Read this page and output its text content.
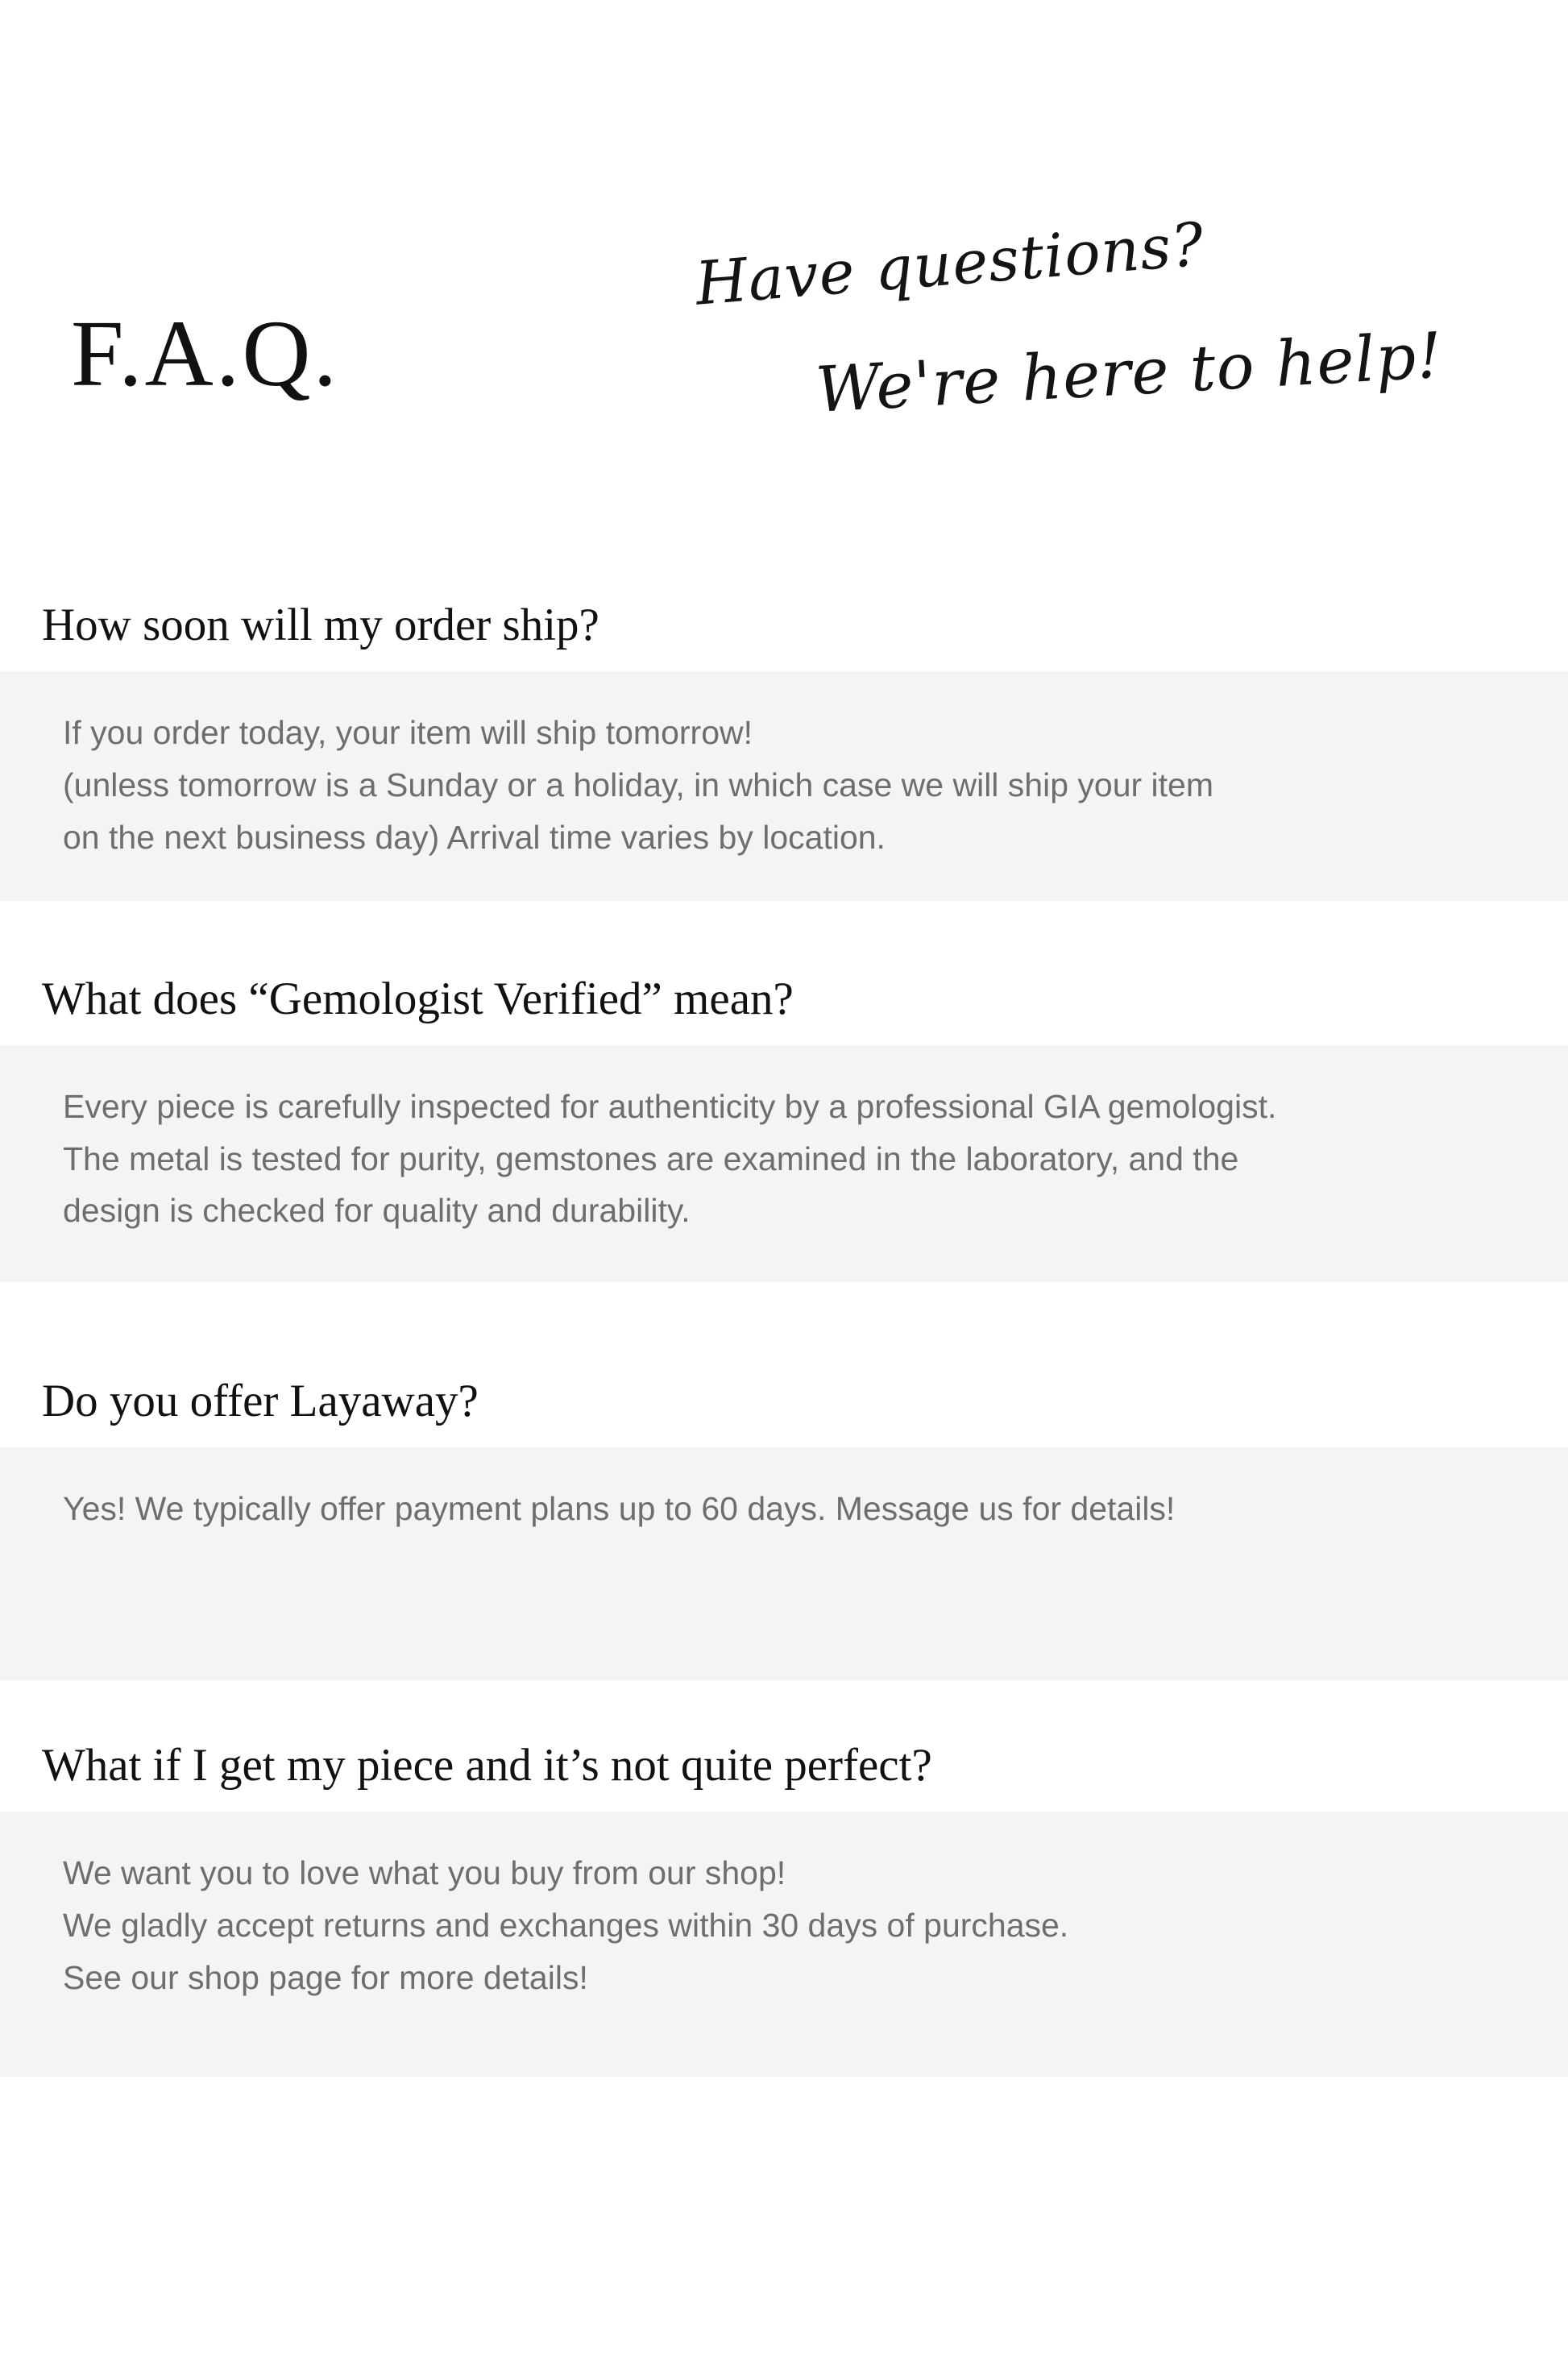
F.A.Q.
Have questions?
We're here to help!
How soon will my order ship?
If you order today, your item will ship tomorrow!
(unless tomorrow is a Sunday or a holiday, in which case we will ship your item
on the next business day) Arrival time varies by location.
What does “Gemologist Verified” mean?
Every piece is carefully inspected for authenticity by a professional GIA gemologist.
The metal is tested for purity, gemstones are examined in the laboratory, and the
design is checked for quality and durability.
Do you offer Layaway?
Yes! We typically offer payment plans up to 60 days. Message us for details!
What if I get my piece and it’s not quite perfect?
We want you to love what you buy from our shop!
We gladly accept returns and exchanges within 30 days of purchase.
See our shop page for more details!
